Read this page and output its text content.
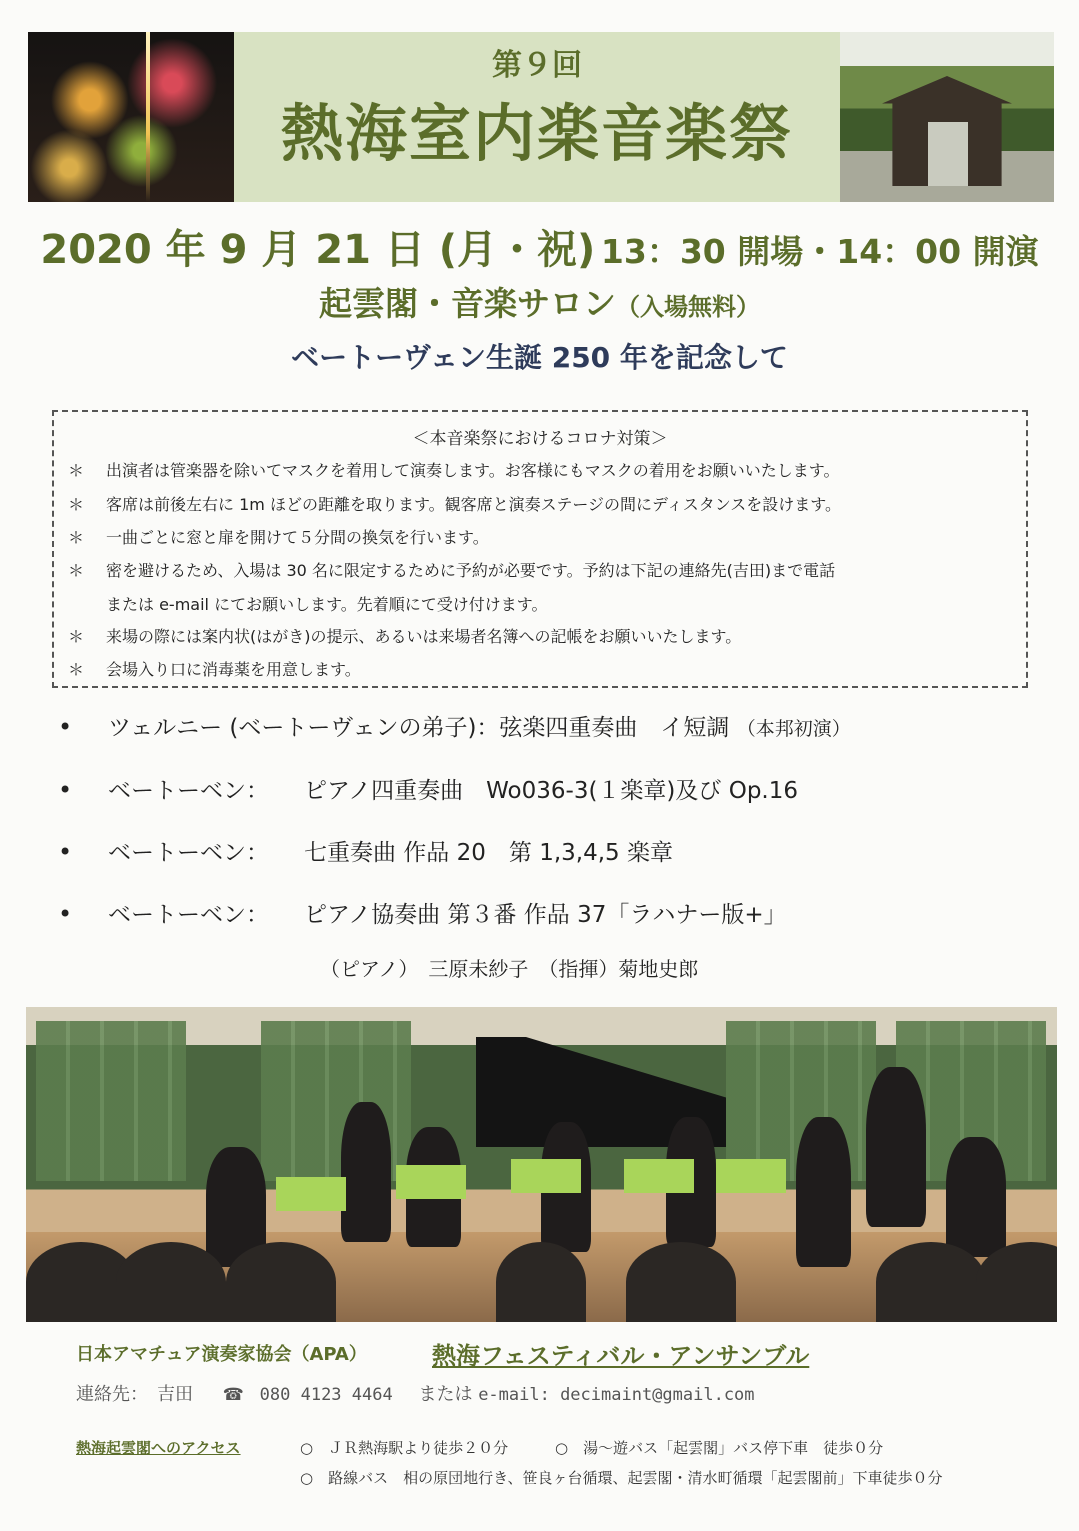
第９回
熱海室内楽音楽祭
2020 年 9 月 21 日 (月・祝) 13：30 開場・14：00 開演
起雲閣・音楽サロン（入場無料）
ベートーヴェン生誕 250 年を記念して
＜本音楽祭におけるコロナ対策＞
＊ 出演者は管楽器を除いてマスクを着用して演奏します。お客様にもマスクの着用をお願いいたします。
＊ 客席は前後左右に 1m ほどの距離を取ります。観客席と演奏ステージの間にディスタンスを設けます。
＊ 一曲ごとに窓と扉を開けて５分間の換気を行います。
＊ 密を避けるため、入場は 30 名に限定するために予約が必要です。予約は下記の連絡先(吉田)まで電話
または e-mail にてお願いします。先着順にて受け付けます。
＊ 来場の際には案内状(はがき)の提示、あるいは来場者名簿への記帳をお願いいたします。
＊ 会場入り口に消毒薬を用意します。
• ツェルニー (ベートーヴェンの弟子)：弦楽四重奏曲　イ短調 （本邦初演）
• ベートーベン： ピアノ四重奏曲　Wo036-3(１楽章)及び Op.16
• ベートーベン： 七重奏曲 作品 20　第 1,3,4,5 楽章
• ベートーベン： ピアノ協奏曲 第３番 作品 37「ラハナー版+」
（ピアノ）　三原未紗子　（指揮）菊地史郎
日本アマチュア演奏家協会（APA）	熱海フェスティバル・アンサンブル
連絡先：　吉田 ☎ 080 4123 4464 または e-mail: decimaint@gmail.com
熱海起雲閣へのアクセス	○　 ＪＲ熱海駅より徒歩２０分	○　 湯～遊バス「起雲閣」バス停下車　徒歩０分
○　 路線バス　相の原団地行き、笹良ヶ台循環、起雲閣・清水町循環「起雲閣前」下車徒歩０分
